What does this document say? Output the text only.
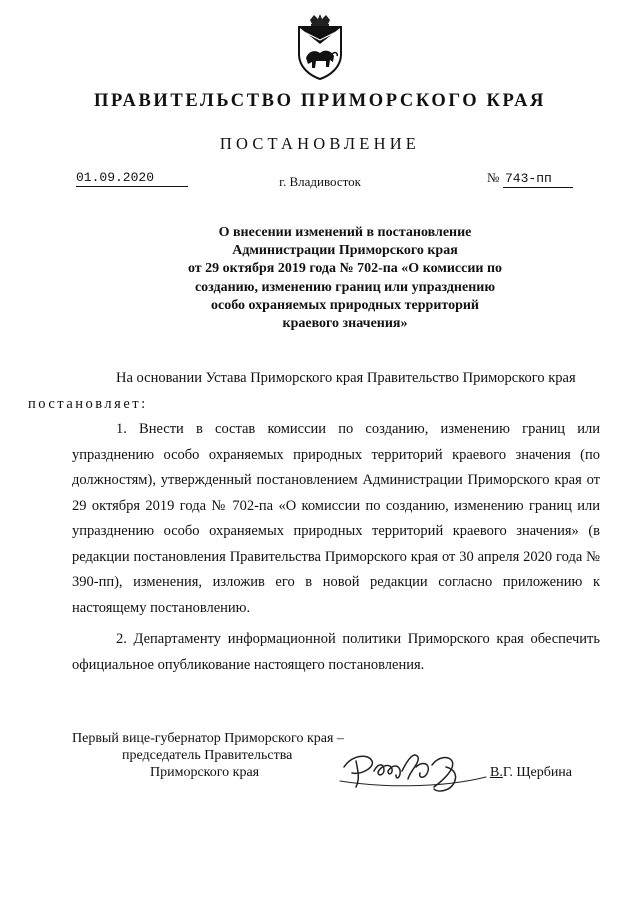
ПРАВИТЕЛЬСТВО ПРИМОРСКОГО КРАЯ
ПОСТАНОВЛЕНИЕ
01.09.2020	г. Владивосток	№ 743-пп
О внесении изменений в постановление
Администрации Приморского края
от 29 октября 2019 года № 702-па «О комиссии по
созданию, изменению границ или упразднению
особо охраняемых природных территорий
краевого значения»

На основании Устава Приморского края Правительство Приморского края
постановляет:

1. Внести в состав комиссии по созданию, изменению границ или упразднению особо охраняемых природных территорий краевого значения (по должностям), утвержденный постановлением Администрации Приморского края от 29 октября 2019 года № 702-па «О комиссии по созданию, изменению границ или упразднению особо охраняемых природных территорий краевого значения» (в редакции постановления Правительства Приморского края от 30 апреля 2020 года № 390-пп), изменения, изложив его в новой редакции согласно приложению к настоящему постановлению.

2. Департаменту информационной политики Приморского края обеспечить официальное опубликование настоящего постановления.

Первый вице-губернатор Приморского края –
председатель Правительства
Приморского края	В.Г. Щербина
